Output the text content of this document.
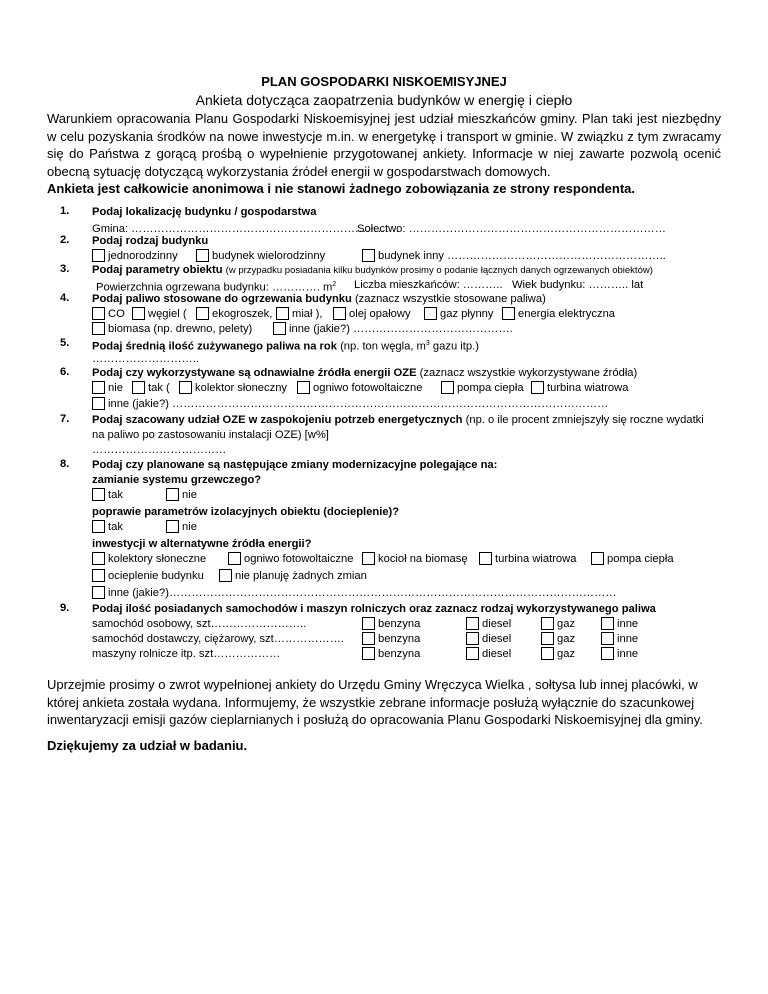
PLAN GOSPODARKI NISKOEMISYJNEJ
Ankieta dotycząca zaopatrzenia budynków w energię i ciepło
Warunkiem opracowania Planu Gospodarki Niskoemisyjnej jest udział mieszkańców gminy. Plan taki jest niezbędny w celu pozyskania środków na nowe inwestycje m.in. w energetykę i transport w gminie. W związku z tym zwracamy się do Państwa z gorącą prośbą o wypełnienie przygotowanej ankiety. Informacje w niej zawarte pozwolą ocenić obecną sytuację dotyczącą wykorzystania źródeł energii w gospodarstwach domowych.
Ankieta jest całkowicie anonimowa i nie stanowi żadnego zobowiązania ze strony respondenta.
1. Podaj lokalizację budynku / gospodarstwa
Gmina: ………………………………………………………………
Sołectwo: ……………………………………………………………
2. Podaj rodzaj budynku
jednorodzinny	budynek wielorodzinny	budynek inny …………………………………………………..
3. Podaj parametry obiektu (w przypadku posiadania kilku budynków prosimy o podanie łącznych danych ogrzewanych obiektów)
Powierzchnia ogrzewana budynku: …………. $m^2$ Liczba mieszkańców: ……….. Wiek budynku: ……….. lat
4. Podaj paliwo stosowane do ogrzewania budynku (zaznacz wszystkie stosowane paliwa)
CO	węgiel (	ekogroszek,	miał ),	olej opałowy	gaz płynny	energia elektryczna
biomasa (np. drewno, pelety)	inne (jakie?) …………………………………….
5. Podaj średnią ilość zużywanego paliwa na rok (np. ton węgla, $m^3$ gazu itp.)
………………………..
6. Podaj czy wykorzystywane są odnawialne źródła energii OZE (zaznacz wszystkie wykorzystywane źródła)
nie	tak (	kolektor słoneczny	ogniwo fotowoltaiczne	pompa ciepła	turbina wiatrowa
inne (jakie?) ………………………………………………………………………………………………………
7. Podaj szacowany udział OZE w zaspokojeniu potrzeb energetycznych (np. o ile procent zmniejszyły się roczne wydatki
na paliwo po zastosowaniu instalacji OZE) [w%]
………………………………
8. Podaj czy planowane są następujące zmiany modernizacyjne polegające na:
zamianie systemu grzewczego?
tak	nie
poprawie parametrów izolacyjnych obiektu (docieplenie)?
tak	nie
inwestycji w alternatywne źródła energii?
kolektory słoneczne	ogniwo fotowoltaiczne	kocioł na biomasę	turbina wiatrowa	pompa ciepła
ocieplenie budynku	nie planuję żadnych zmian
inne (jakie?)…………………………………………………………………………………………………………
9. Podaj ilość posiadanych samochodów i maszyn rolniczych oraz zaznacz rodzaj wykorzystywanego paliwa
samochód osobowy, szt……………………..	benzyna	diesel	gaz	inne
samochód dostawczy, ciężarowy, szt……………….	benzyna	diesel	gaz	inne
maszyny rolnicze itp. szt………………	benzyna	diesel	gaz	inne
Uprzejmie prosimy o zwrot wypełnionej ankiety do Urzędu Gminy Wręczyca Wielka , sołtysa lub innej placówki, w której ankieta została wydana. Informujemy, że wszystkie zebrane informacje posłużą wyłącznie do szacunkowej inwentaryzacji emisji gazów cieplarnianych i posłużą do opracowania Planu Gospodarki Niskoemisyjnej dla gminy.
Dziękujemy za udział w badaniu.
